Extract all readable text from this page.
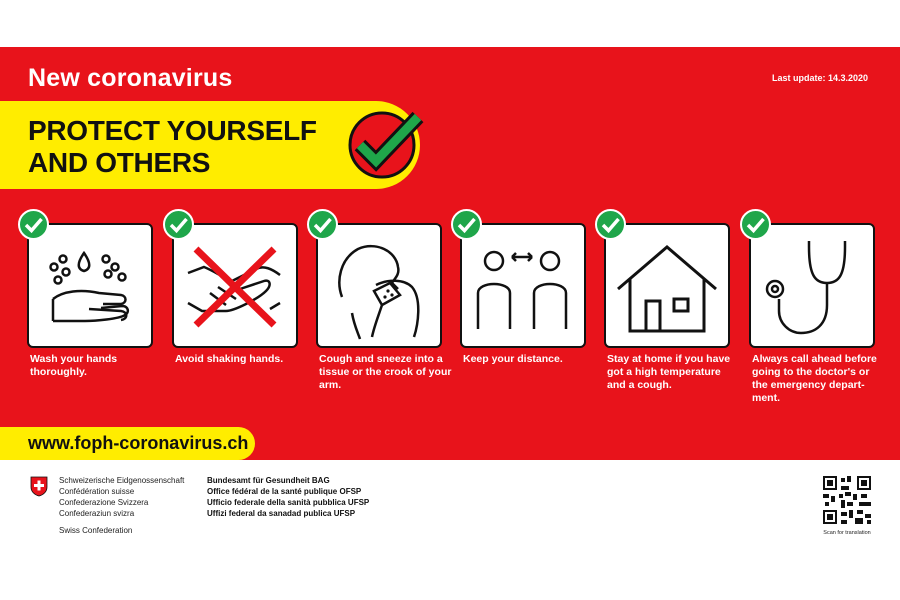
New coronavirus	Last update: 14.3.2020
PROTECT YOURSELF
AND OTHERS
Wash your hands thoroughly.
Avoid shaking hands.	Cough and sneeze into a tissue or the crook of your arm.
Keep your distance.	Stay at home if you have got a high temperature and a cough.
Always call ahead before going to the doctor's or the emergency depart-ment.
www.foph-coronavirus.ch
Schweizerische Eidgenossenschaft
Confédération suisse
Confederazione Svizzera
Confederaziun svizra
Swiss Confederation
Bundesamt für Gesundheit BAG
Office fédéral de la santé publique OFSP
Ufficio federale della sanità pubblica UFSP
Uffizi federal da sanadad publica UFSP
Scan for translation
